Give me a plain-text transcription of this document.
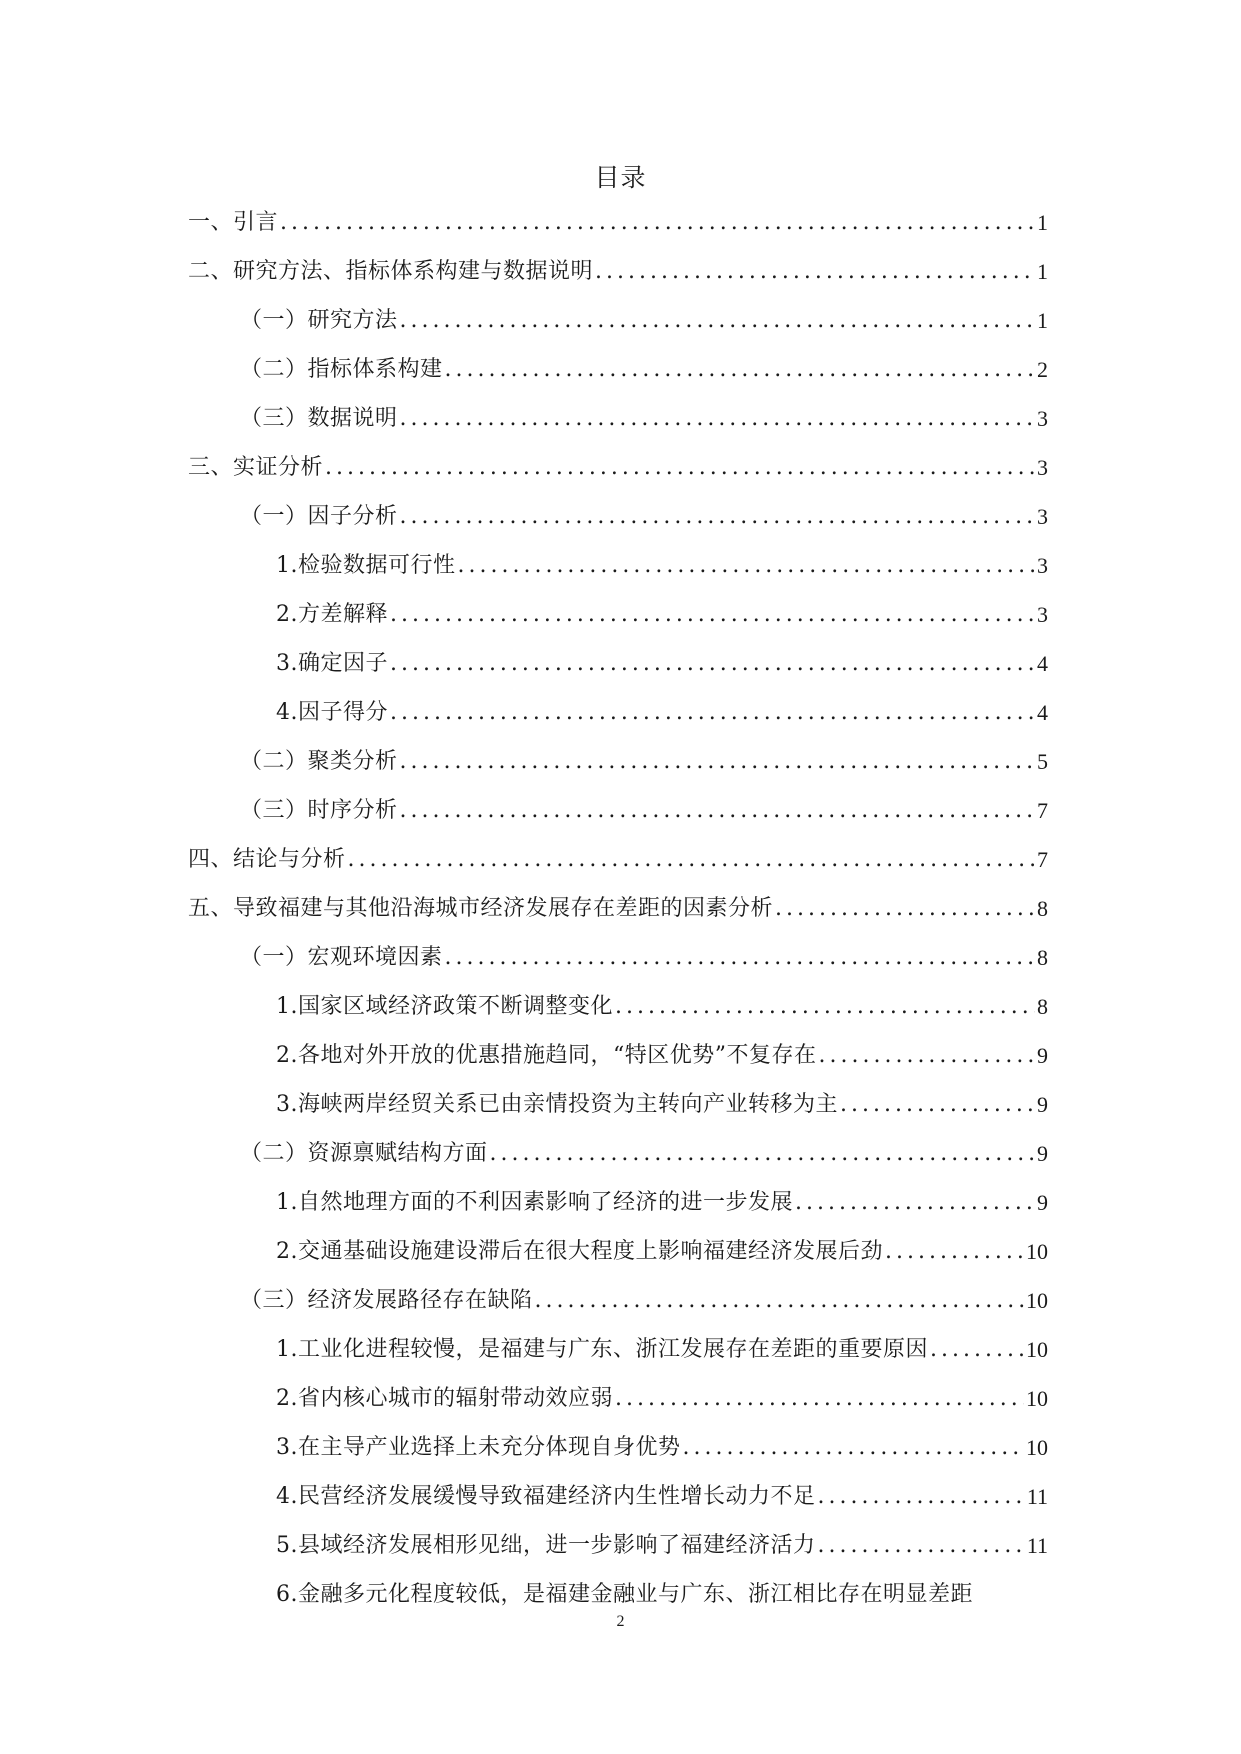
目录
一、引言 .....	1
二、研究方法、指标体系构建与数据说明 .....	1
（一）研究方法 .....	1
（二）指标体系构建 .....	2
（三）数据说明 .....	3
三、实证分析 .....	3
（一）因子分析 .....	3
1.检验数据可行性 .....	3
2.方差解释 .....	3
3.确定因子 .....	4
4.因子得分 .....	4
（二）聚类分析 .....	5
（三）时序分析 .....	7
四、结论与分析 .....	7
五、导致福建与其他沿海城市经济发展存在差距的因素分析 .....	8
（一）宏观环境因素 .....	8
1.国家区域经济政策不断调整变化 .....	8
2.各地对外开放的优惠措施趋同，“特区优势”不复存在 .....	9
3.海峡两岸经贸关系已由亲情投资为主转向产业转移为主 .....	9
（二）资源禀赋结构方面 .....	9
1.自然地理方面的不利因素影响了经济的进一步发展 .....	9
2.交通基础设施建设滞后在很大程度上影响福建经济发展后劲 .....	10
（三）经济发展路径存在缺陷 .....	10
1.工业化进程较慢，是福建与广东、浙江发展存在差距的重要原因 .....	10
2.省内核心城市的辐射带动效应弱 .....	10
3.在主导产业选择上未充分体现自身优势 .....	10
4.民营经济发展缓慢导致福建经济内生性增长动力不足 .....	11
5.县域经济发展相形见绌，进一步影响了福建经济活力 .....	11
6.金融多元化程度较低，是福建金融业与广东、浙江相比存在明显差距
2
